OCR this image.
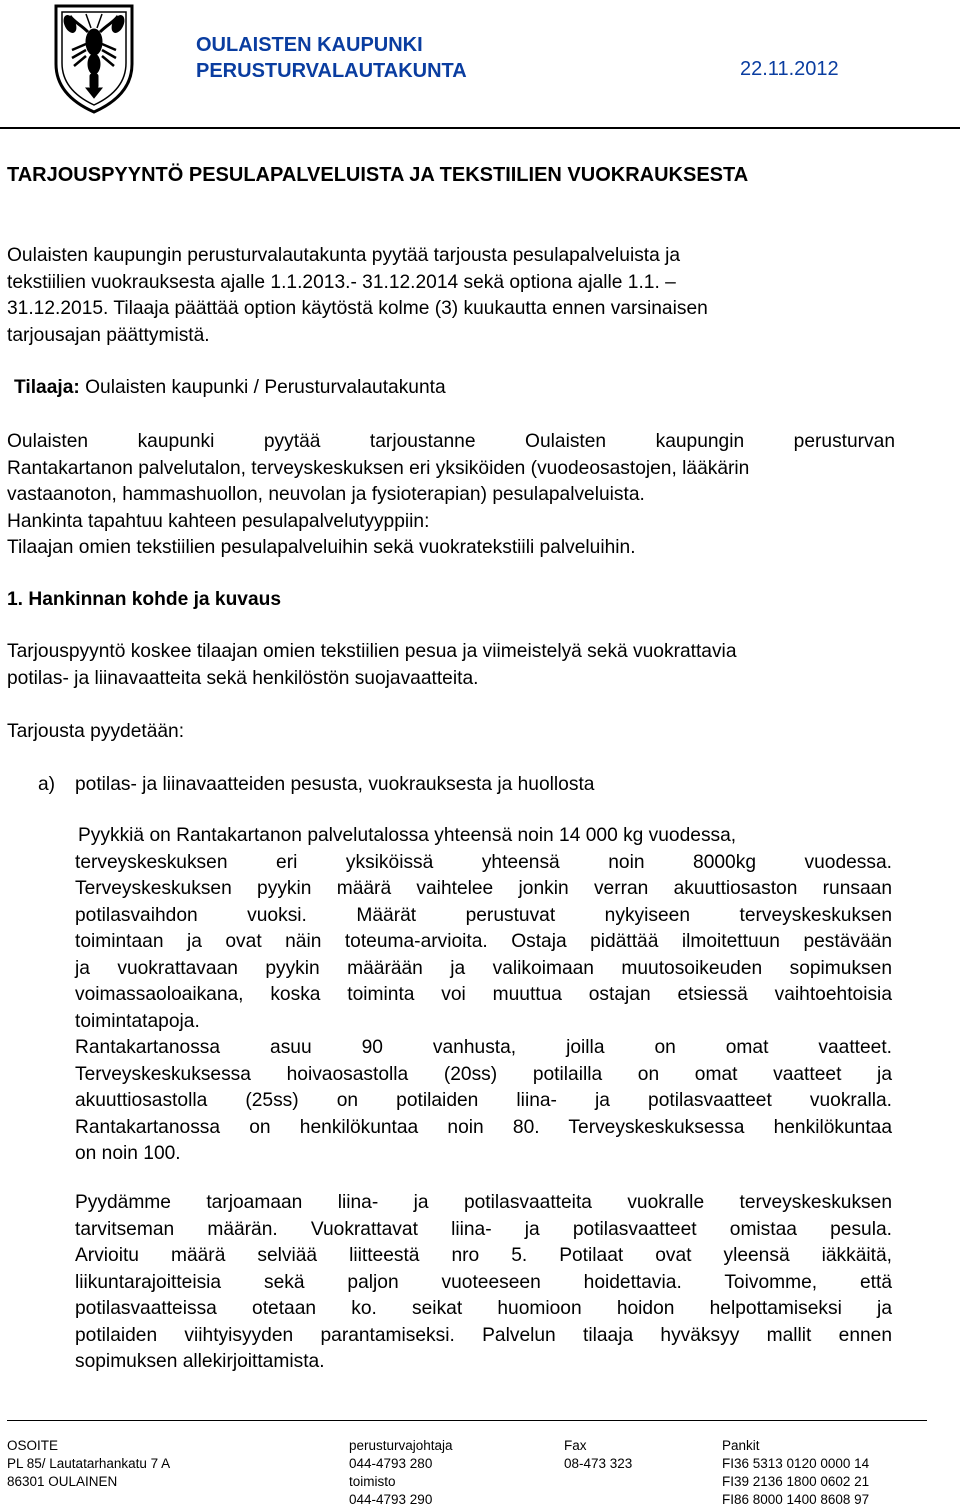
OULAISTEN KAUPUNKI
PERUSTURVALAUTAKUNTA	22.11.2012
TARJOUSPYYNTÖ PESULAPALVELUISTA JA TEKSTIILIEN VUOKRAUKSESTA
Oulaisten kaupungin perusturvalautakunta pyytää tarjousta pesulapalveluista ja
tekstiilien vuokrauksesta ajalle 1.1.2013.- 31.12.2014 sekä optiona ajalle 1.1. –
31.12.2015. Tilaaja päättää option käytöstä kolme (3) kuukautta ennen varsinaisen
tarjousajan päättymistä.
Tilaaja: Oulaisten kaupunki / Perusturvalautakunta
Oulaisten kaupunki pyytää tarjoustanne Oulaisten kaupungin perusturvan
Rantakartanon palvelutalon, terveyskeskuksen eri yksiköiden (vuodeosastojen, lääkärin
vastaanoton, hammashuollon, neuvolan ja fysioterapian) pesulapalveluista.
Hankinta tapahtuu kahteen pesulapalvelutyyppiin:
Tilaajan omien tekstiilien pesulapalveluihin sekä vuokratekstiili palveluihin.
1. Hankinnan kohde ja kuvaus
Tarjouspyyntö koskee tilaajan omien tekstiilien pesua ja viimeistelyä sekä vuokrattavia
potilas- ja liinavaatteita sekä henkilöstön suojavaatteita.
Tarjousta pyydetään:
a) potilas- ja liinavaatteiden pesusta, vuokrauksesta ja huollosta
Pyykkiä on Rantakartanon palvelutalossa yhteensä noin 14 000 kg vuodessa,
terveyskeskuksen eri yksiköissä yhteensä noin 8000kg vuodessa.
Terveyskeskuksen pyykin määrä vaihtelee jonkin verran akuuttiosaston runsaan
potilasvaihdon vuoksi. Määrät perustuvat nykyiseen terveyskeskuksen
toimintaan ja ovat näin toteuma-arvioita. Ostaja pidättää ilmoitettuun pestävään
ja vuokrattavaan pyykin määrään ja valikoimaan muutosoikeuden sopimuksen
voimassaoloaikana, koska toiminta voi muuttua ostajan etsiessä vaihtoehtoisia
toimintatapoja.
Rantakartanossa asuu 90 vanhusta, joilla on omat vaatteet.
Terveyskeskuksessa hoivaosastolla (20ss) potilailla on omat vaatteet ja
akuuttiosastolla (25ss) on potilaiden liina- ja potilasvaatteet vuokralla.
Rantakartanossa on henkilökuntaa noin 80. Terveyskeskuksessa henkilökuntaa
on noin 100.
Pyydämme tarjoamaan liina- ja potilasvaatteita vuokralle terveyskeskuksen
tarvitseman määrän. Vuokrattavat liina- ja potilasvaatteet omistaa pesula.
Arvioitu määrä selviää liitteestä nro 5. Potilaat ovat yleensä iäkkäitä,
liikuntarajoitteisia sekä paljon vuoteeseen hoidettavia. Toivomme, että
potilasvaatteissa otetaan ko. seikat huomioon hoidon helpottamiseksi ja
potilaiden viihtyisyyden parantamiseksi. Palvelun tilaaja hyväksyy mallit ennen
sopimuksen allekirjoittamista.
OSOITE
PL 85/ Lautatarhankatu 7 A
86301 OULAINEN
perusturvajohtaja
044-4793 280
toimisto
044-4793 290
Fax
08-473 323
Pankit
FI36 5313 0120 0000 14
FI39 2136 1800 0602 21
FI86 8000 1400 8608 97
